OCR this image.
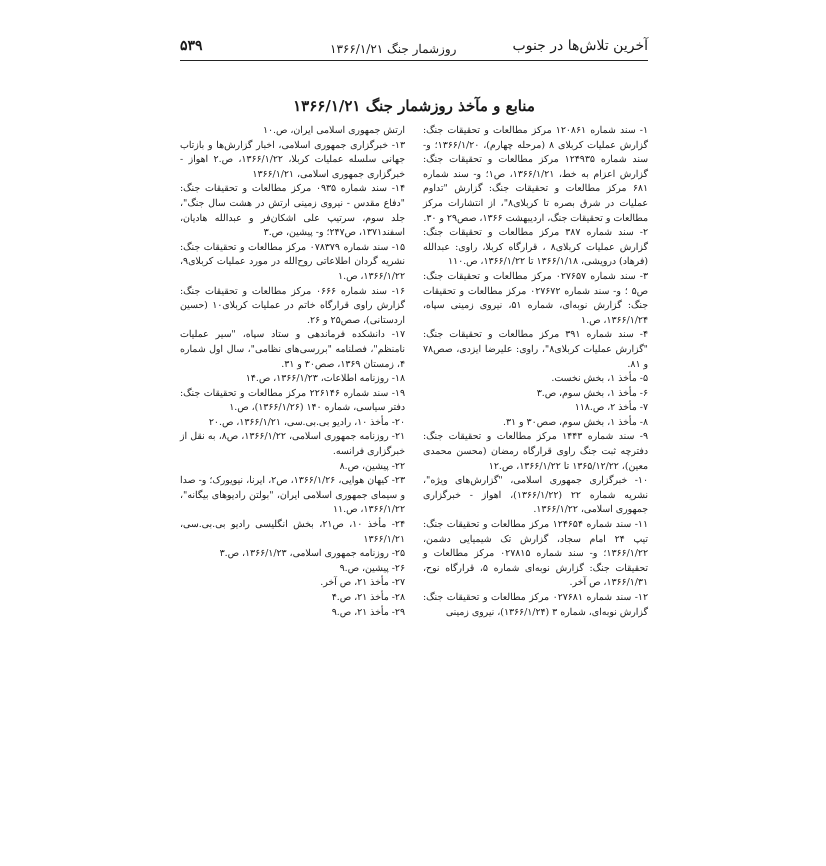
۵۳۹	روزشمار جنگ ۱۳۶۶/۱/۲۱	آخرین تلاش‌ها در جنوب
منابع و مآخذ روزشمار جنگ ۱۳۶۶/۱/۲۱

۱- سند شماره ۱۲۰۸۶۱ مرکز مطالعات و تحقیقات جنگ: گزارش عملیات کربلای ۸ (مرحله چهارم)، ۱۳۶۶/۱/۲۰؛ و- سند شماره ۱۲۴۹۳۵ مرکز مطالعات و تحقیقات جنگ: گزارش اعزام به خط، ۱۳۶۶/۱/۲۱، ص۱؛ و- سند شماره ۶۸۱ مرکز مطالعات و تحقیقات جنگ: گزارش "تداوم عملیات در شرق بصره تا کربلای۸"، از انتشارات مرکز مطالعات و تحقیقات جنگ، اردیبهشت ۱۳۶۶، صص۲۹ و ۳۰.

۲- سند شماره ۳۸۷ مرکز مطالعات و تحقیقات جنگ: گزارش عملیات کربلای۸ ، قرارگاه کربلا، راوی: عبدالله (فرهاد) درویشی، ۱۳۶۶/۱/۱۸ تا ۱۳۶۶/۱/۲۲، ص.۱۱۰

۳- سند شماره ۰۲۷۶۵۷ مرکز مطالعات و تحقیقات جنگ: ص۵ ؛ و- سند شماره ۰۲۷۶۷۲ مرکز مطالعات و تحقیقات جنگ: گزارش نوبه‌ای، شماره ۵۱، نیروی زمینی سپاه، ۱۳۶۶/۱/۲۴، ص.۱

۴- سند شماره ۳۹۱ مرکز مطالعات و تحقیقات جنگ: "گزارش عملیات کربلای۸"، راوی: علیرضا ایزدی، صص۷۸ و ۸۱.

۵- مأخذ ۱، بخش نخست.

۶- مأخذ ۱، بخش سوم، ص.۳

۷- مأخذ ۲، ص.۱۱۸

۸- مأخذ ۱، بخش سوم، صص۳۰ و ۳۱.

۹- سند شماره ۱۴۴۳ مرکز مطالعات و تحقیقات جنگ: دفترچه ثبت جنگ راوی قرارگاه رمضان (محسن محمدی معین)، ۱۳۶۵/۱۲/۲۲ تا ۱۳۶۶/۱/۲۲، ص.۱۲

۱۰- خبرگزاری جمهوری اسلامی، "گزارش‌های ویژه"، نشریه شماره ۲۲ (۱۳۶۶/۱/۲۲)، اهواز - خبرگزاری جمهوری اسلامی، ۱۳۶۶/۱/۲۲.

۱۱- سند شماره ۱۲۴۶۵۴ مرکز مطالعات و تحقیقات جنگ: تیپ ۲۴ امام سجاد، گزارش تک شیمیایی دشمن، ۱۳۶۶/۱/۲۲؛ و- سند شماره ۰۲۷۸۱۵ مرکز مطالعات و تحقیقات جنگ: گزارش نوبه‌ای شماره ۵، قرارگاه نوح، ۱۳۶۶/۱/۳۱، ص آخر.

۱۲- سند شماره ۰۲۷۶۸۱ مرکز مطالعات و تحقیقات جنگ: گزارش نوبه‌ای، شماره ۳ (۱۳۶۶/۱/۲۴)، نیروی زمینی

ارتش جمهوری اسلامی ایران، ص.۱۰

۱۳- خبرگزاری جمهوری اسلامی، اخبار گزارش‌ها و بازتاب جهانی سلسله عملیات کربلا، ۱۳۶۶/۱/۲۲، ص.۲ اهواز - خبرگزاری جمهوری اسلامی، ۱۳۶۶/۱/۲۱

۱۴- سند شماره ۰۹۳۵ مرکز مطالعات و تحقیقات جنگ: "دفاع مقدس - نیروی زمینی ارتش در هشت سال جنگ"، جلد سوم، سرتیپ علی اشکان‌فر و عبدالله هادیان، اسفند۱۳۷۱، ص۲۴۷؛ و- پیشین، ص.۳

۱۵- سند شماره ۰۷۸۳۷۹ مرکز مطالعات و تحقیقات جنگ: نشریه گردان اطلاعاتی روح‌الله در مورد عملیات کربلای۹، ۱۳۶۶/۱/۲۲، ص.۱

۱۶- سند شماره ۰۶۶۶ مرکز مطالعات و تحقیقات جنگ: گزارش راوی قرارگاه خاتم در عملیات کربلای۱۰ (حسین اردستانی)، صص۲۵ و ۲۶.

۱۷- دانشکده فرماندهی و ستاد سپاه، "سیر عملیات نامنظم"، فصلنامه "بررسی‌های نظامی"، سال اول شماره ۴، زمستان ۱۳۶۹، صص۳۰ و ۳۱.

۱۸- روزنامه اطلاعات، ۱۳۶۶/۱/۲۳، ص.۱۴

۱۹- سند شماره ۲۲۶۱۴۶ مرکز مطالعات و تحقیقات جنگ: دفتر سیاسی، شماره ۱۴۰ (۱۳۶۶/۱/۲۶)، ص.۱

۲۰- مأخذ ۱۰، رادیو بی.بی.سی، ۱۳۶۶/۱/۲۱، ص.۲۰

۲۱- روزنامه جمهوری اسلامی، ۱۳۶۶/۱/۲۲، ص۸، به نقل از خبرگزاری فرانسه.

۲۲- پیشین، ص.۸

۲۳- کیهان هوایی، ۱۳۶۶/۱/۲۶، ص۲، ایرنا، نیویورک؛ و- صدا و سیمای جمهوری اسلامی ایران، "بولتن رادیوهای بیگانه"، ۱۳۶۶/۱/۲۲، ص.۱۱

۲۴- مأخذ ۱۰، ص۲۱، بخش انگلیسی رادیو بی.بی.سی، ۱۳۶۶/۱/۲۱

۲۵- روزنامه جمهوری اسلامی، ۱۳۶۶/۱/۲۳، ص.۳

۲۶- پیشین، ص.۹

۲۷- مأخذ ۲۱، ص آخر.

۲۸- مأخذ ۲۱، ص.۴

۲۹- مأخذ ۲۱، ص.۹
